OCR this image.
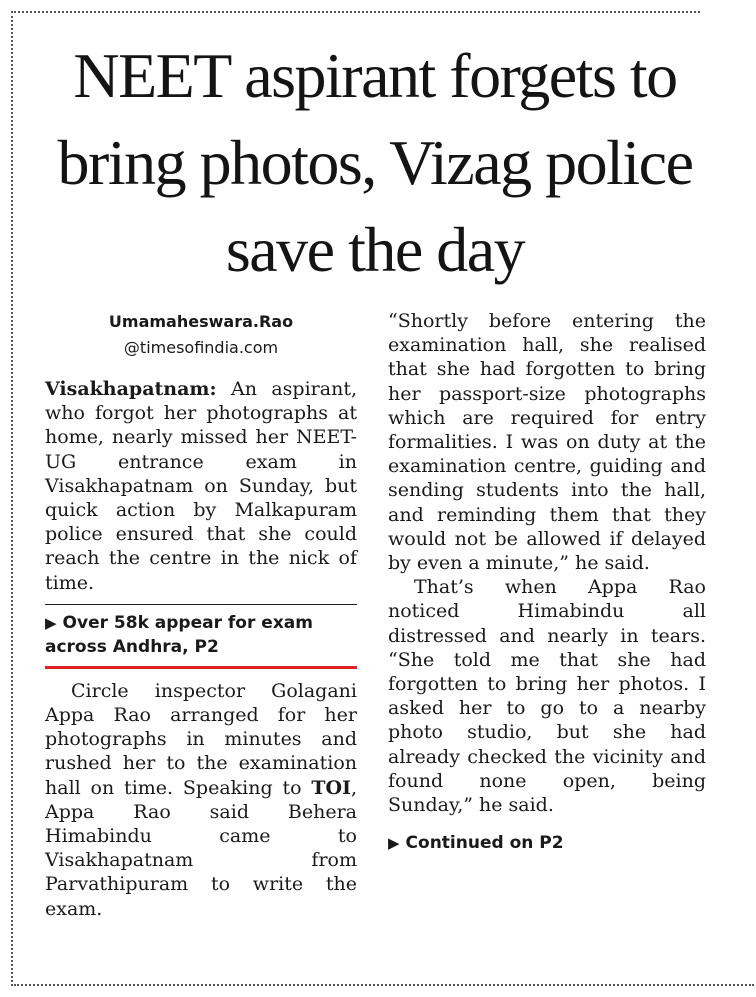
NEET aspirant forgets to bring photos, Vizag police save the day
Umamaheswara.Rao
@timesofindia.com

Visakhapatnam: An aspirant, who forgot her photographs at home, nearly missed her NEET-UG entrance exam in Visakhapatnam on Sunday, but quick action by Malkapuram police ensured that she could reach the centre in the nick of time.

▶ Over 58k appear for exam across Andhra, P2

Circle inspector Golagani Appa Rao arranged for her photographs in minutes and rushed her to the examination hall on time. Speaking to TOI, Appa Rao said Behera Himabindu came to Visakhapatnam from Parvathipuram to write the exam.

“Shortly before entering the examination hall, she realised that she had forgotten to bring her passport-size photographs which are required for entry formalities. I was on duty at the examination centre, guiding and sending students into the hall, and reminding them that they would not be allowed if delayed by even a minute,” he said.

That’s when Appa Rao noticed Himabindu all distressed and nearly in tears. “She told me that she had forgotten to bring her photos. I asked her to go to a nearby photo studio, but she had already checked the vicinity and found none open, being Sunday,” he said.

▶ Continued on P2
